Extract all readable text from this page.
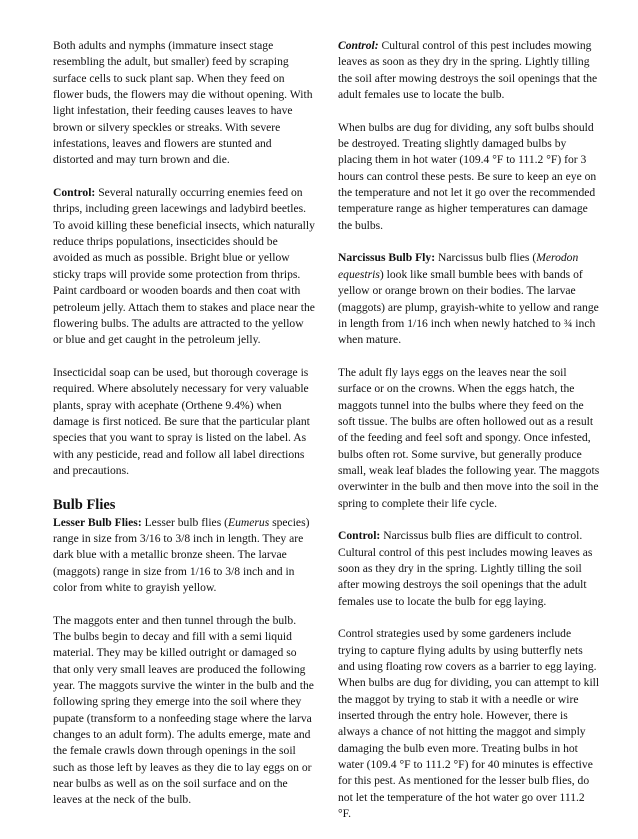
Both adults and nymphs (immature insect stage resembling the adult, but smaller) feed by scraping surface cells to suck plant sap. When they feed on flower buds, the flowers may die without opening. With light infestation, their feeding causes leaves to have brown or silvery speckles or streaks. With severe infestations, leaves and flowers are stunted and distorted and may turn brown and die.

Control: Several naturally occurring enemies feed on thrips, including green lacewings and ladybird beetles. To avoid killing these beneficial insects, which naturally reduce thrips populations, insecticides should be avoided as much as possible. Bright blue or yellow sticky traps will provide some protection from thrips. Paint cardboard or wooden boards and then coat with petroleum jelly. Attach them to stakes and place near the flowering bulbs. The adults are attracted to the yellow or blue and get caught in the petroleum jelly.

Insecticidal soap can be used, but thorough coverage is required. Where absolutely necessary for very valuable plants, spray with acephate (Orthene 9.4%) when damage is first noticed. Be sure that the particular plant species that you want to spray is listed on the label. As with any pesticide, read and follow all label directions and precautions.

Bulb Flies

Lesser Bulb Flies: Lesser bulb flies (Eumerus species) range in size from 3/16 to 3/8 inch in length. They are dark blue with a metallic bronze sheen. The larvae (maggots) range in size from 1/16 to 3/8 inch and in color from white to grayish yellow.

The maggots enter and then tunnel through the bulb. The bulbs begin to decay and fill with a semi liquid material. They may be killed outright or damaged so that only very small leaves are produced the following year. The maggots survive the winter in the bulb and the following spring they emerge into the soil where they pupate (transform to a nonfeeding stage where the larva changes to an adult form). The adults emerge, mate and the female crawls down through openings in the soil such as those left by leaves as they die to lay eggs on or near bulbs as well as on the soil surface and on the leaves at the neck of the bulb.

Control: Cultural control of this pest includes mowing leaves as soon as they dry in the spring. Lightly tilling the soil after mowing destroys the soil openings that the adult females use to locate the bulb.

When bulbs are dug for dividing, any soft bulbs should be destroyed. Treating slightly damaged bulbs by placing them in hot water (109.4 °F to 111.2 °F) for 3 hours can control these pests. Be sure to keep an eye on the temperature and not let it go over the recommended temperature range as higher temperatures can damage the bulbs.

Narcissus Bulb Fly: Narcissus bulb flies (Merodon equestris) look like small bumble bees with bands of yellow or orange brown on their bodies. The larvae (maggots) are plump, grayish-white to yellow and range in length from 1/16 inch when newly hatched to ¾ inch when mature.

The adult fly lays eggs on the leaves near the soil surface or on the crowns. When the eggs hatch, the maggots tunnel into the bulbs where they feed on the soft tissue. The bulbs are often hollowed out as a result of the feeding and feel soft and spongy. Once infested, bulbs often rot. Some survive, but generally produce small, weak leaf blades the following year. The maggots overwinter in the bulb and then move into the soil in the spring to complete their life cycle.

Control: Narcissus bulb flies are difficult to control. Cultural control of this pest includes mowing leaves as soon as they dry in the spring. Lightly tilling the soil after mowing destroys the soil openings that the adult females use to locate the bulb for egg laying.

Control strategies used by some gardeners include trying to capture flying adults by using butterfly nets and using floating row covers as a barrier to egg laying. When bulbs are dug for dividing, you can attempt to kill the maggot by trying to stab it with a needle or wire inserted through the entry hole. However, there is always a chance of not hitting the maggot and simply damaging the bulb even more. Treating bulbs in hot water (109.4 °F to 111.2 °F) for 40 minutes is effective for this pest. As mentioned for the lesser bulb flies, do not let the temperature of the hot water go over 111.2 °F.
